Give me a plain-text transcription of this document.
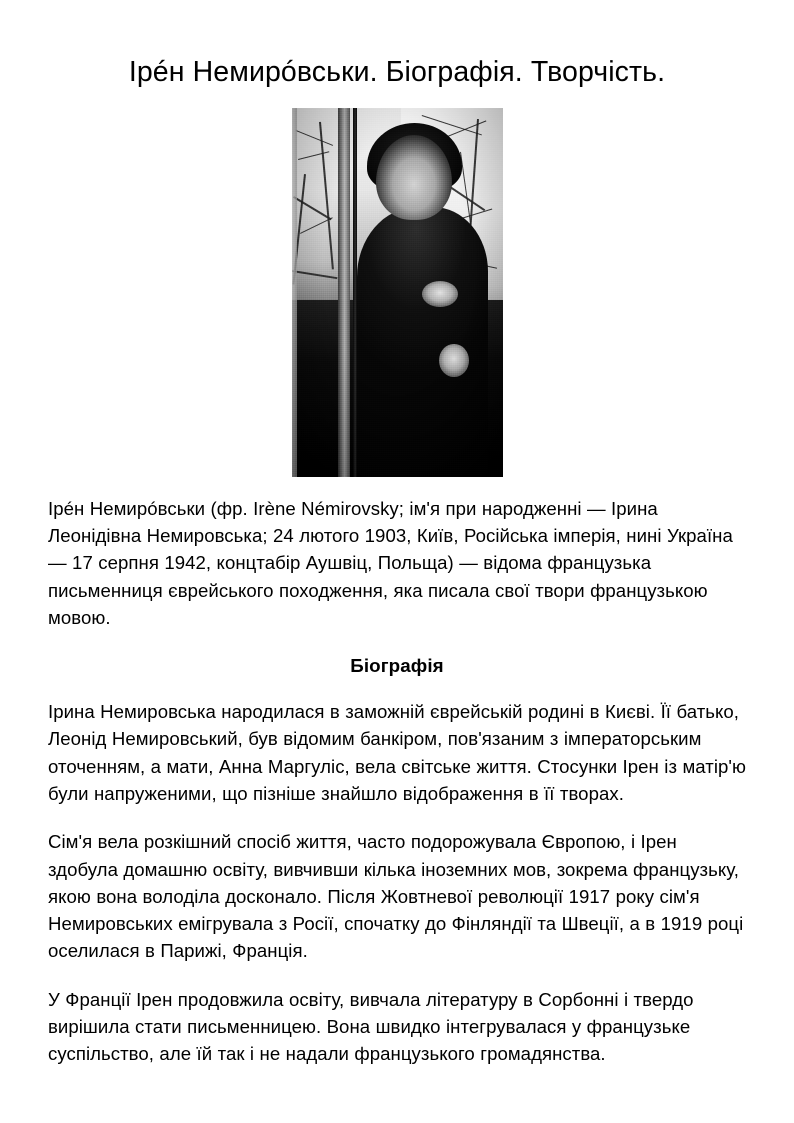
Ірéн Немирóвськи. Біографія. Творчість.

Ірéн Немирóвськи (фр. Irène Némirovsky; ім'я при народженні — Ірина Леонідівна Немировська; 24 лютого 1903, Київ, Російська імперія, нині Україна — 17 серпня 1942, концтабір Аушвіц, Польща) — відома французька письменниця єврейського походження, яка писала свої твори французькою мовою.

Біографія

Ірина Немировська народилася в заможній єврейській родині в Києві. Її батько, Леонід Немировський, був відомим банкіром, пов'язаним з імператорським оточенням, а мати, Анна Маргуліс, вела світське життя. Стосунки Ірен із матір'ю були напруженими, що пізніше знайшло відображення в її творах.

Сім'я вела розкішний спосіб життя, часто подорожувала Європою, і Ірен здобула домашню освіту, вивчивши кілька іноземних мов, зокрема французьку, якою вона володіла досконало. Після Жовтневої революції 1917 року сім'я Немировських емігрувала з Росії, спочатку до Фінляндії та Швеції, а в 1919 році оселилася в Парижі, Франція.

У Франції Ірен продовжила освіту, вивчала літературу в Сорбонні і твердо вирішила стати письменницею. Вона швидко інтегрувалася у французьке суспільство, але їй так і не надали французького громадянства.
